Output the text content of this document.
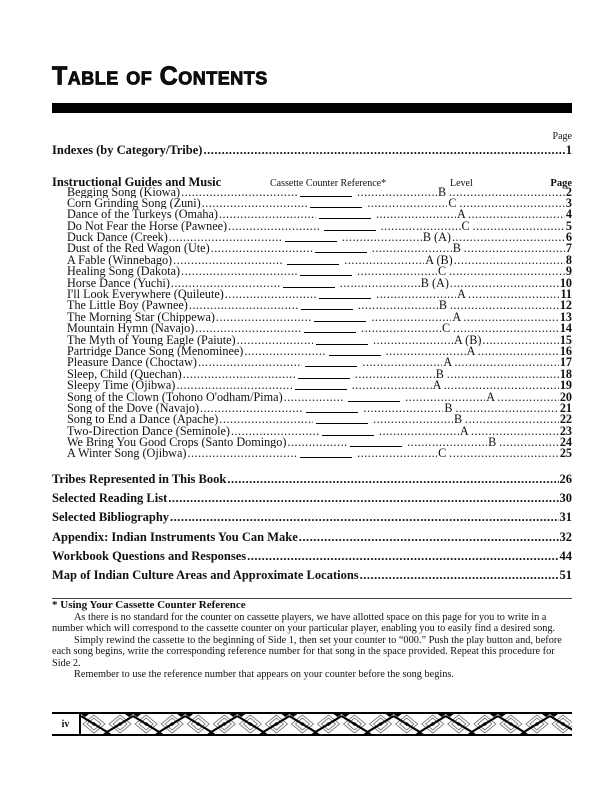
Table of Contents
Page
Indexes (by Category/Tribe) .....	1
Instructional Guides and Music	Cassette Counter Reference*	Level	Page
Begging Song (Kiowa) ..... .....	B .....	2
Corn Grinding Song (Zuni) ..... .....	C .....	3
Dance of the Turkeys (Omaha) ..... .....	A .....	4
Do Not Fear the Horse (Pawnee) ..... .....	C .....	5
Duck Dance (Creek) ..... .....	B (A) .....	6
Dust of the Red Wagon (Ute) ..... .....	B .....	7
A Fable (Winnebago) ..... .....	A (B) .....	8
Healing Song (Dakota) ..... .....	C .....	9
Horse Dance (Yuchi) ..... .....	B (A) .....	10
I'll Look Everywhere (Quileute) ..... .....	A .....	11
The Little Boy (Pawnee) ..... .....	B .....	12
The Morning Star (Chippewa) ..... .....	A .....	13
Mountain Hymn (Navajo) ..... .....	C .....	14
The Myth of Young Eagle (Paiute) ..... .....	A (B) .....	15
Partridge Dance Song (Menominee) ..... .....	A .....	16
Pleasure Dance (Choctaw) ..... .....	A .....	17
Sleep, Child (Quechan) ..... .....	B .....	18
Sleepy Time (Ojibwa) ..... .....	A .....	19
Song of the Clown (Tohono O'odham/Pima) ..... .....	A .....	20
Song of the Dove (Navajo) ..... .....	B .....	21
Song to End a Dance (Apache) ..... .....	B .....	22
Two-Direction Dance (Seminole) ..... .....	A .....	23
We Bring You Good Crops (Santo Domingo) ..... .....	B .....	24
A Winter Song (Ojibwa) ..... .....	C .....	25
Tribes Represented in This Book .....	26
Selected Reading List .....	30
Selected Bibliography .....	31
Appendix: Indian Instruments You Can Make .....	32
Workbook Questions and Responses .....	44
Map of Indian Culture Areas and Approximate Locations .....	51
* Using Your Cassette Counter Reference

As there is no standard for the counter on cassette players, we have allotted space on this page for you to write in a number which will correspond to the cassette counter on your particular player, enabling you to easily find a desired song.

Simply rewind the cassette to the beginning of Side 1, then set your counter to “000.” Push the play button and, before each song begins, write the corresponding reference number for that song in the space provided. Repeat this procedure for Side 2.

Remember to use the reference number that appears on your counter before the song begins.

iv
